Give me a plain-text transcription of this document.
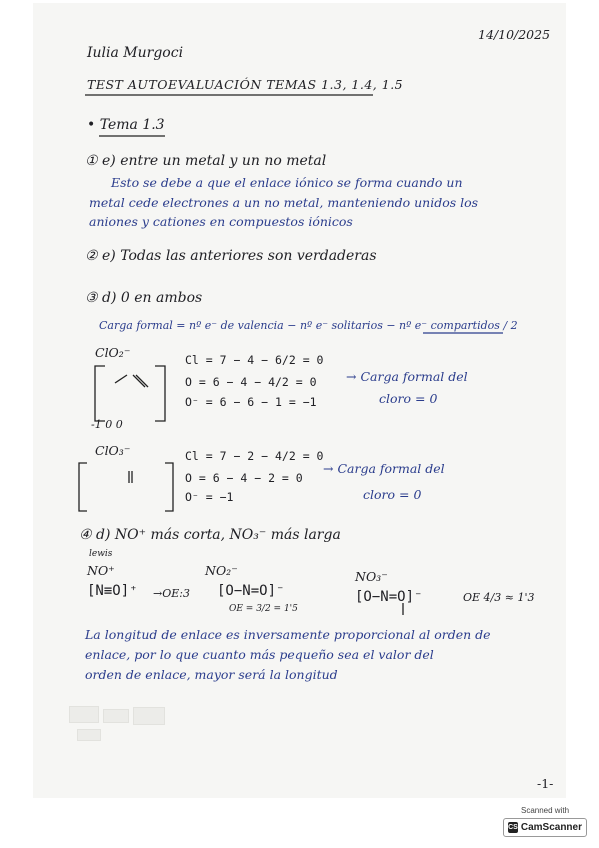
14/10/2025
Iulia Murgoci
TEST AUTOEVALUACIÓN TEMAS 1.3, 1.4, 1.5
• Tema 1.3
① e) entre un metal y un no metal
Esto se debe a que el enlace iónico se forma cuando un
metal cede electrones a un no metal, manteniendo unidos los
aniones y cationes en compuestos iónicos
② e) Todas las anteriores son verdaderas
③ d) 0 en ambos
Carga formal = nº e⁻ de valencia − nº e⁻ solitarios − nº e⁻ compartidos / 2
ClO₂⁻	Cl = 7 − 4 − 6/2 = 0
O = 6 − 4 − 4/2 = 0
O⁻ = 6 − 6 − 1 = −1
-1 0 0
→ Carga formal del
cloro = 0
ClO₃⁻	Cl = 7 − 2 − 4/2 = 0
O = 6 − 4 − 2 = 0
O⁻ = −1
→ Carga formal del
cloro = 0
④ d) NO⁺ más corta, NO₃⁻ más larga
lewis
NO⁺
[N≡O]⁺ →OE:3
NO₂⁻
[O−N=O]⁻
OE = 3/2 = 1'5
NO₃⁻
[O−N=O]⁻	OE 4/3 ≈ 1'3
La longitud de enlace es inversamente proporcional al orden de
enlace, por lo que cuanto más pequeño sea el valor del
orden de enlace, mayor será la longitud
-1-
Scanned with
CS CamScanner
